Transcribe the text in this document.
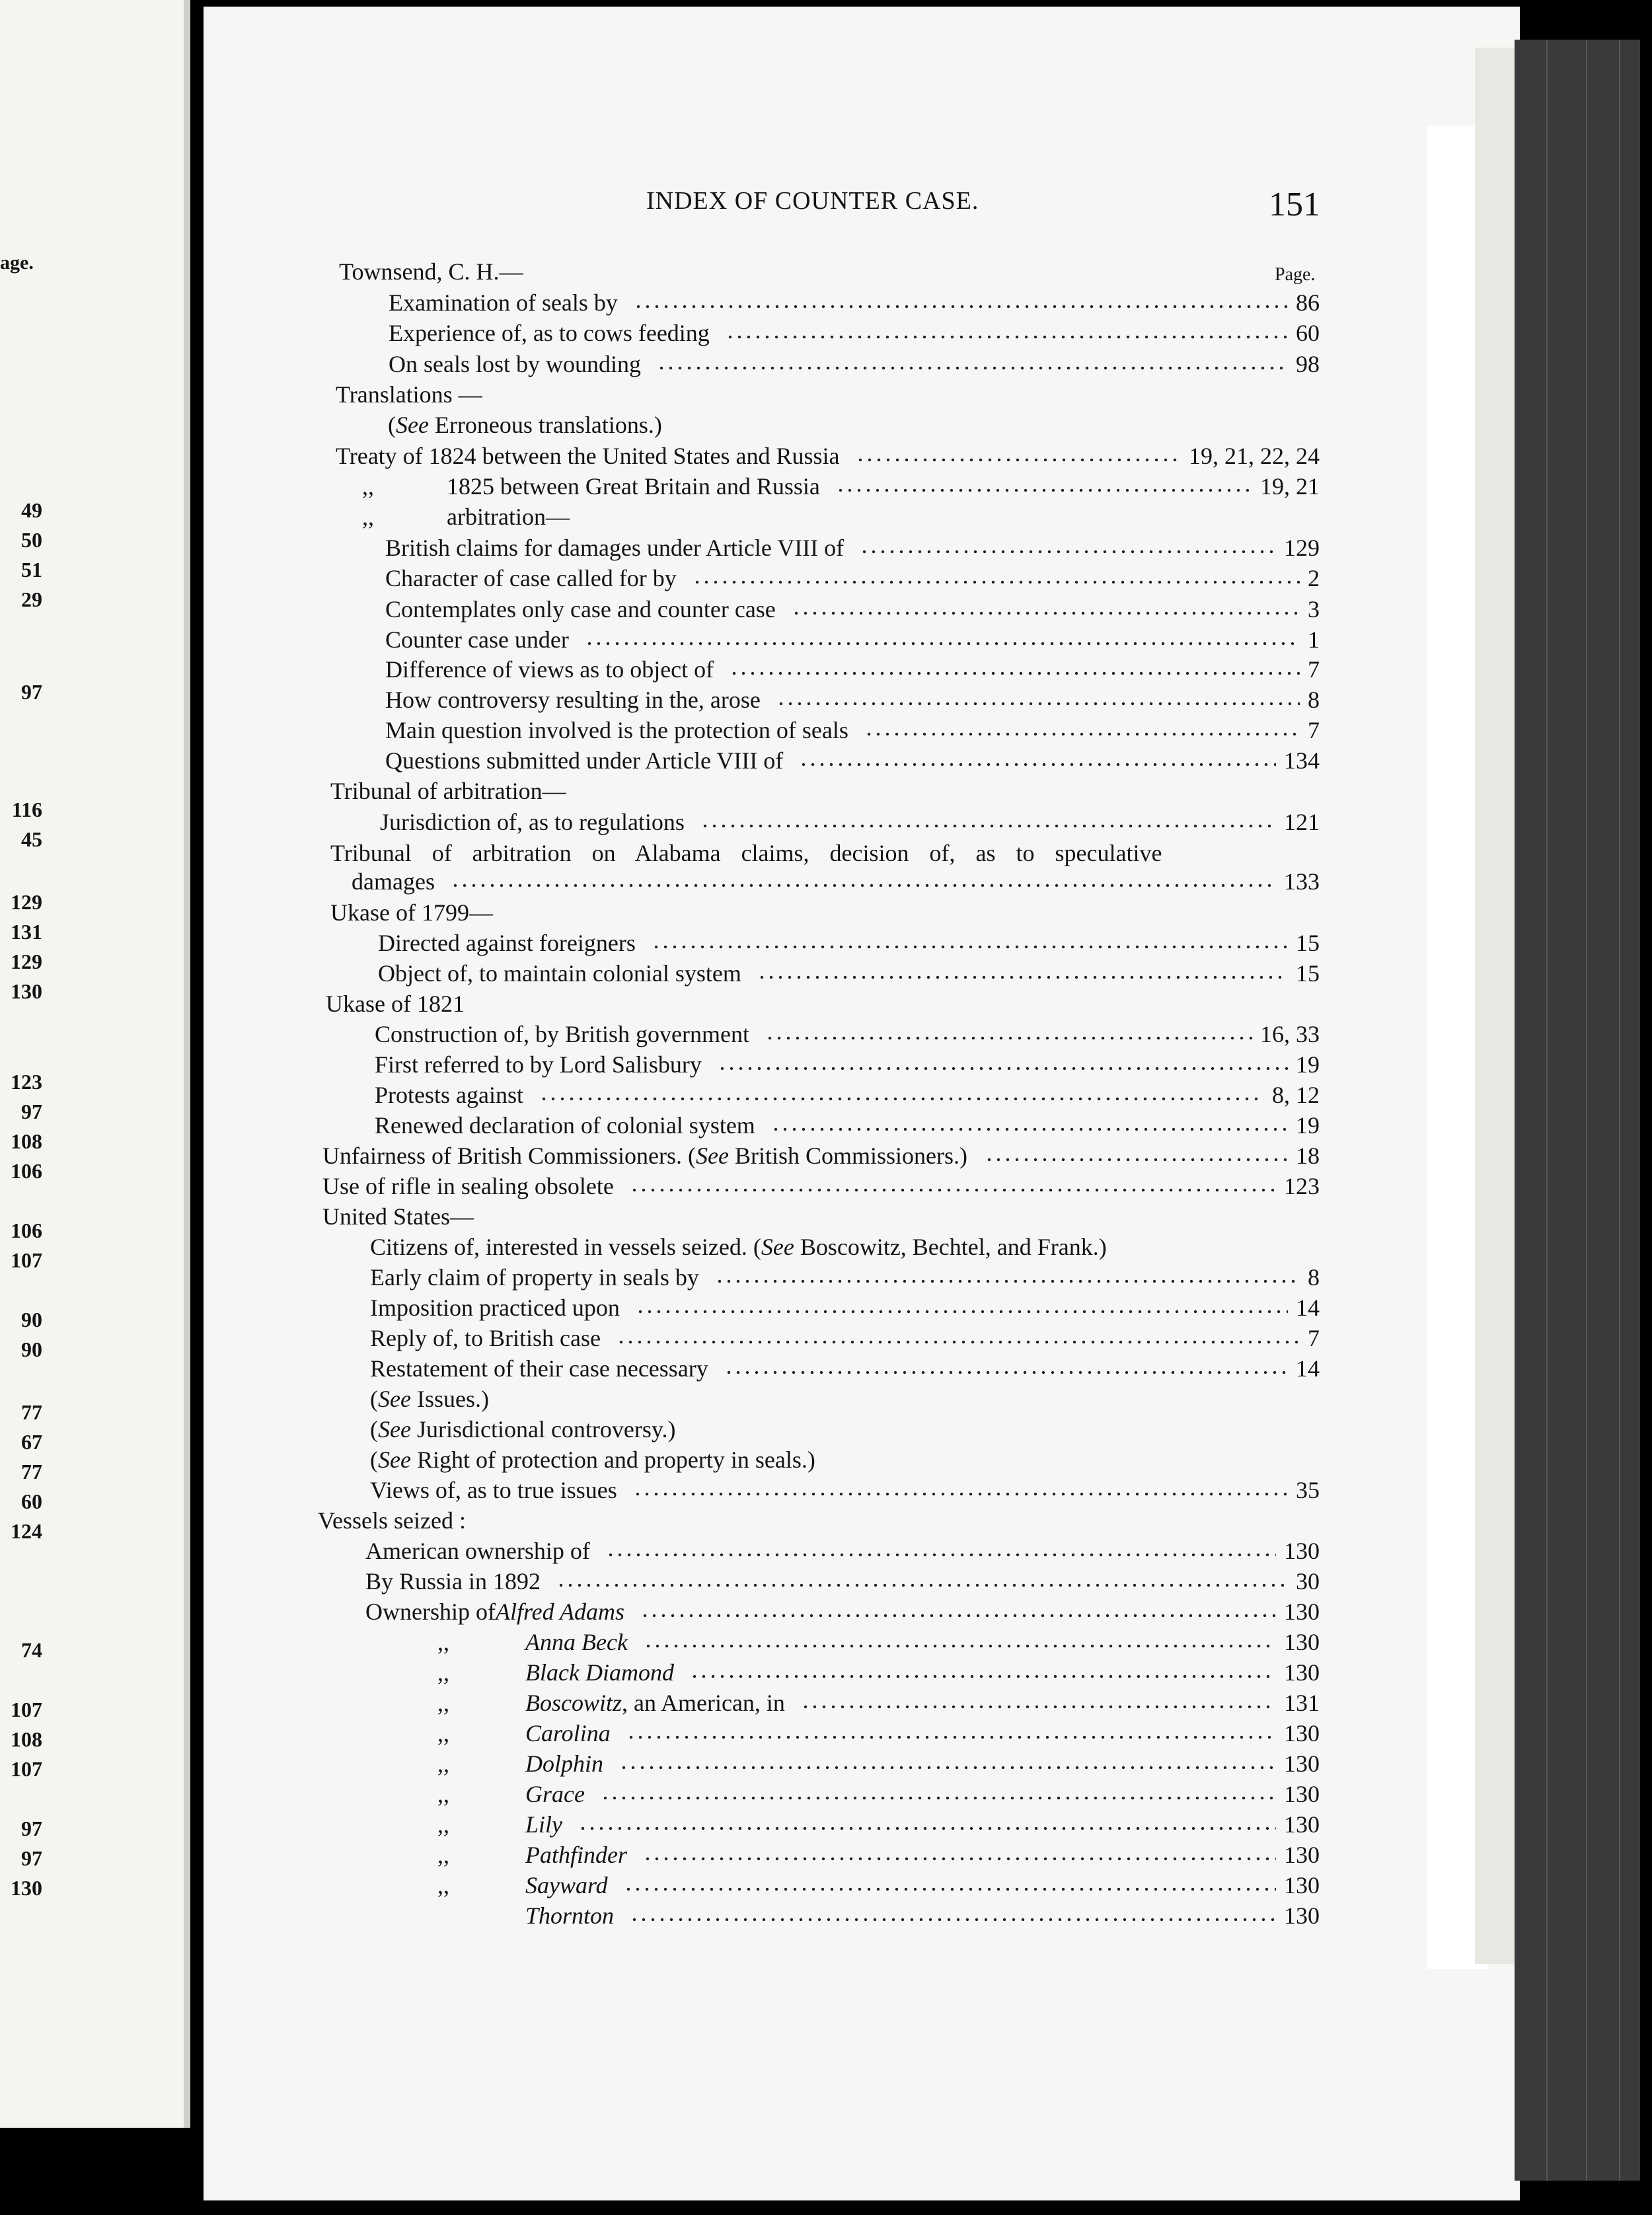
age.
49
50
51
29
97
116
45
129
131
129
130
123
97
108
106
106
107
90
90
77
67
77
60
124
74
107
108
107
97
97
130
INDEX OF COUNTER CASE.	151
Page.
Townsend, C. H.—
Examination of seals by	86
Experience of, as to cows feeding	60
On seals lost by wounding	98
Translations —
(See Erroneous translations.)
Treaty of 1824 between the United States and Russia	19, 21, 22, 24
,,	1825 between Great Britain and Russia	19, 21
,,	arbitration—
British claims for damages under Article VIII of	129
Character of case called for by	2
Contemplates only case and counter case	3
Counter case under	1
Difference of views as to object of	7
How controversy resulting in the, arose	8
Main question involved is the protection of seals	7
Questions submitted under Article VIII of	134
Tribunal of arbitration—
Jurisdiction of, as to regulations	121
Tribunal of arbitration on Alabama claims, decision of, as to speculative
damages	133
Ukase of 1799—
Directed against foreigners	15
Object of, to maintain colonial system	15
Ukase of 1821
Construction of, by British government	16, 33
First referred to by Lord Salisbury	19
Protests against	8, 12
Renewed declaration of colonial system	19
Unfairness of British Commissioners. (See British Commissioners.)	18
Use of rifle in sealing obsolete	123
United States—
Citizens of, interested in vessels seized. (See Boscowitz, Bechtel, and Frank.)
Early claim of property in seals by	8
Imposition practiced upon	14
Reply of, to British case	7
Restatement of their case necessary	14
(See Issues.)
(See Jurisdictional controversy.)
(See Right of protection and property in seals.)
Views of, as to true issues	35
Vessels seized :
American ownership of	130
By Russia in 1892	30
Ownership of Alfred Adams	130
,,	Anna Beck	130
,,	Black Diamond	130
,,	Boscowitz , an American, in	131
,,	Carolina	130
,,	Dolphin	130
,,	Grace	130
,,	Lily	130
,,	Pathfinder	130
,,	Sayward	130
Thornton	130
